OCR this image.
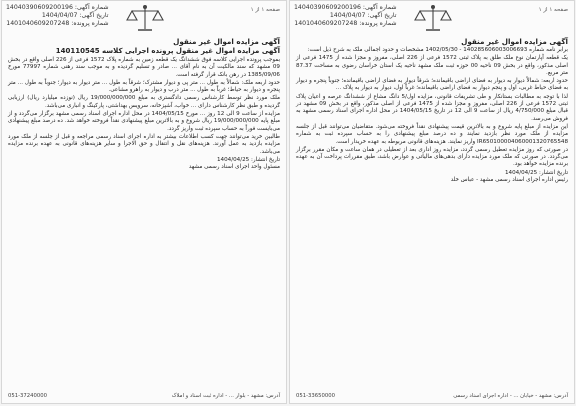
صفحه ۱ از ۱
شماره آگهی: 14040390609200196
تاریخ آگهی: 1404/04/07
شماره پرونده: 1401040609207248
آگهی مزایده اموال غیر منقول

برابر نامه شماره 140285606003006693 - 1402/05/30 مشخصات و حدود اجمالی ملک به شرح ذیل است:

یک قطعه آپارتمان نوع ملک طلق به پلاک ثبتی 1572 فرعی از 226 اصلی، مفروز و مجزا شده از 1475 فرعی از اصلی مذکور، واقع در بخش 09 ناحیه 00 حوزه ثبت ملک مشهد ناحیه یک استان خراسان رضوی به مساحت 87.37 متر مربع.

حدود اربعه: شمالاً دیوار به دیوار به فضای اراضی باقیمانده؛ شرقاً دیوار به فضای اراضی باقیمانده؛ جنوباً پنجره و دیوار به فضای حیاط غربی، اول و پنجم دیوار به فضای اراضی باقیمانده؛ غرباً اول، دیوار به دیوار به پلاک ...

لذا با توجه به مطالبات بستانکار و طی تشریفات قانونی، مزایده اول/5 دانگ مشاع از ششدانگ عرصه و اعیان پلاک ثبتی 1572 فرعی از 226 اصلی، مفروز و مجزا شده از 1475 فرعی از اصلی مذکور، واقع در بخش 09 مشهد در قبال مبلغ 4/750/000 ریال از ساعت 9 الی 12 در تاریخ 1404/05/15 در محل اداره اجرای اسناد رسمی مشهد به فروش می‌رسد.

این مزایده از مبلغ پایه شروع و به بالاترین قیمت پیشنهادی نقداً فروخته می‌شود. متقاضیان می‌توانند قبل از جلسه مزایده از ملک مورد نظر بازدید نمایند و ده درصد مبلغ پیشنهادی را به حساب سپرده ثبت به شماره IR650100004060001320765548 واریز نمایند. هزینه‌های قانونی مربوطه به عهده خریدار است.

در صورتی که روز مزایده تعطیل رسمی گردد، مزایده روز اداری بعد از تعطیلی در همان ساعت و مکان مقرر برگزار می‌گردد. در صورتی که ملک مورد مزایده دارای بدهی‌های مالیاتی و عوارض باشد، طبق مقررات پرداخت آن به عهده برنده مزایده خواهد بود.

تاریخ انتشار: 1404/04/25
رئیس اداره اجرای اسناد رسمی مشهد - عباس خلد
آدرس: مشهد - خیابان ... - اداره اجرای اسناد رسمی
051-33650000
صفحه ۱ از ۱
شماره آگهی: 14040390609200196
تاریخ آگهی: 1404/04/07
شماره پرونده: 1401040609207248
آگهی مزایده اموال غیر منقول
آگهی مزایده اموال غیر منقول پرونده اجرایی کلاسه 140110545

بموجب پرونده اجرایی کلاسه فوق ششدانگ یک قطعه زمین به شماره پلاک 1572 فرعی از 226 اصلی واقع در بخش 09 مشهد که سند مالکیت آن به نام آقای ... صادر و تسلیم گردیده و به موجب سند رهنی شماره 77997 مورخ 1385/09/06 در رهن بانک قرار گرفته است.

حدود اربعه ملک: شمالاً به طول ... متر پی و دیوار مشترک؛ شرقاً به طول ... متر دیوار به دیوار؛ جنوباً به طول ... متر پنجره و دیوار به حیاط؛ غرباً به طول ... متر درب و دیوار به راهرو مشاعی.

ملک مورد نظر توسط کارشناس رسمی دادگستری به مبلغ 19/000/000/000 ریال (نوزده میلیارد ریال) ارزیابی گردیده و طبق نظر کارشناس دارای ... خواب، آشپزخانه، سرویس بهداشتی، پارکینگ و انباری می‌باشد.

مزایده از ساعت 9 الی 12 روز ... مورخ 1404/05/15 در محل اداره اجرای اسناد رسمی مشهد برگزار می‌گردد و از مبلغ پایه 19/000/000/000 ریال شروع و به بالاترین مبلغ پیشنهادی نقداً فروخته خواهد شد. ده درصد مبلغ پیشنهادی می‌بایست فوراً به حساب سپرده ثبت واریز گردد.

طالبین خرید می‌توانند جهت کسب اطلاعات بیشتر به اداره اجرای اسناد رسمی مراجعه و قبل از جلسه از ملک مورد مزایده بازدید به عمل آورند. هزینه‌های نقل و انتقال و حق الاجرا و سایر هزینه‌های قانونی به عهده برنده مزایده می‌باشد.

تاریخ انتشار: 1404/04/25
مسئول واحد اجرای اسناد رسمی مشهد
آدرس: مشهد - بلوار ... - اداره ثبت اسناد و املاک
051-37240000
